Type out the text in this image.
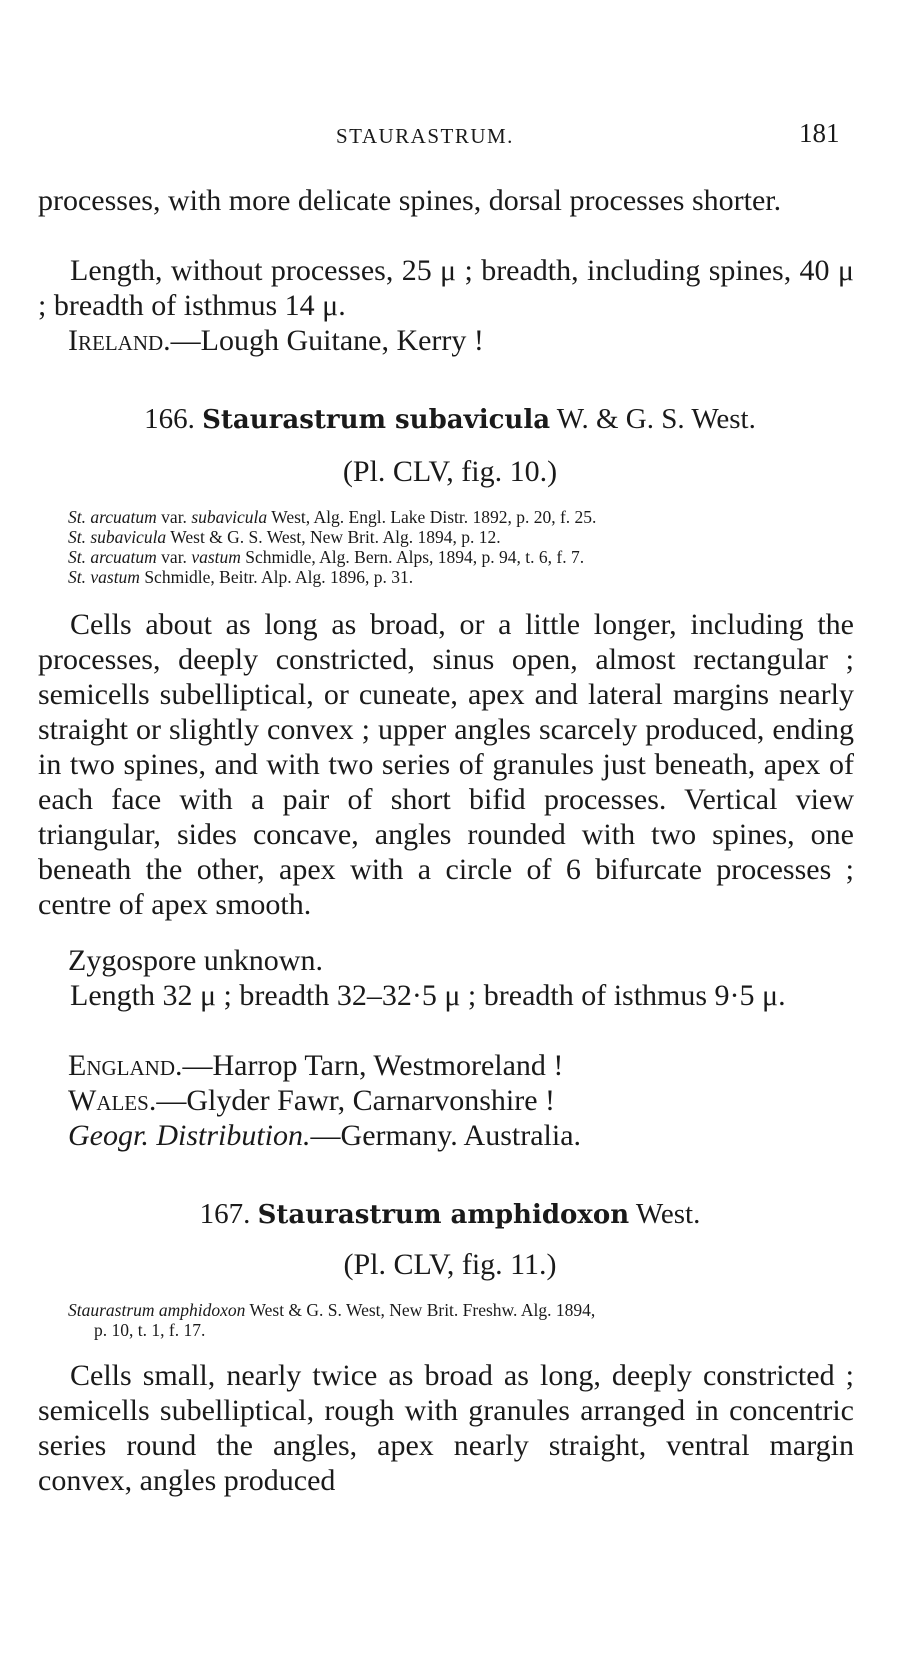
STAURASTRUM.	181

processes, with more delicate spines, dorsal processes shorter.

Length, without processes, 25 μ ; breadth, including spines, 40 μ ; breadth of isthmus 14 μ.

Ireland.—Lough Guitane, Kerry !

166. Staurastrum subavicula W. & G. S. West.

(Pl. CLV, fig. 10.)

St. arcuatum var. subavicula West, Alg. Engl. Lake Distr. 1892, p. 20, f. 25.
St. subavicula West & G. S. West, New Brit. Alg. 1894, p. 12.
St. arcuatum var. vastum Schmidle, Alg. Bern. Alps, 1894, p. 94, t. 6, f. 7.
St. vastum Schmidle, Beitr. Alp. Alg. 1896, p. 31.

Cells about as long as broad, or a little longer, including the processes, deeply constricted, sinus open, almost rectangular ; semicells subelliptical, or cuneate, apex and lateral margins nearly straight or slightly convex ; upper angles scarcely produced, ending in two spines, and with two series of granules just beneath, apex of each face with a pair of short bifid processes. Vertical view triangular, sides concave, angles rounded with two spines, one beneath the other, apex with a circle of 6 bifurcate processes ; centre of apex smooth.

Zygospore unknown.

Length 32 μ ; breadth 32–32·5 μ ; breadth of isthmus 9·5 μ.

England.—Harrop Tarn, Westmoreland !

Wales.—Glyder Fawr, Carnarvonshire !

Geogr. Distribution.—Germany. Australia.

167. Staurastrum amphidoxon West.

(Pl. CLV, fig. 11.)

Staurastrum amphidoxon West & G. S. West, New Brit. Freshw. Alg. 1894,
p. 10, t. 1, f. 17.

Cells small, nearly twice as broad as long, deeply constricted ; semicells subelliptical, rough with granules arranged in concentric series round the angles, apex nearly straight, ventral margin convex, angles produced
